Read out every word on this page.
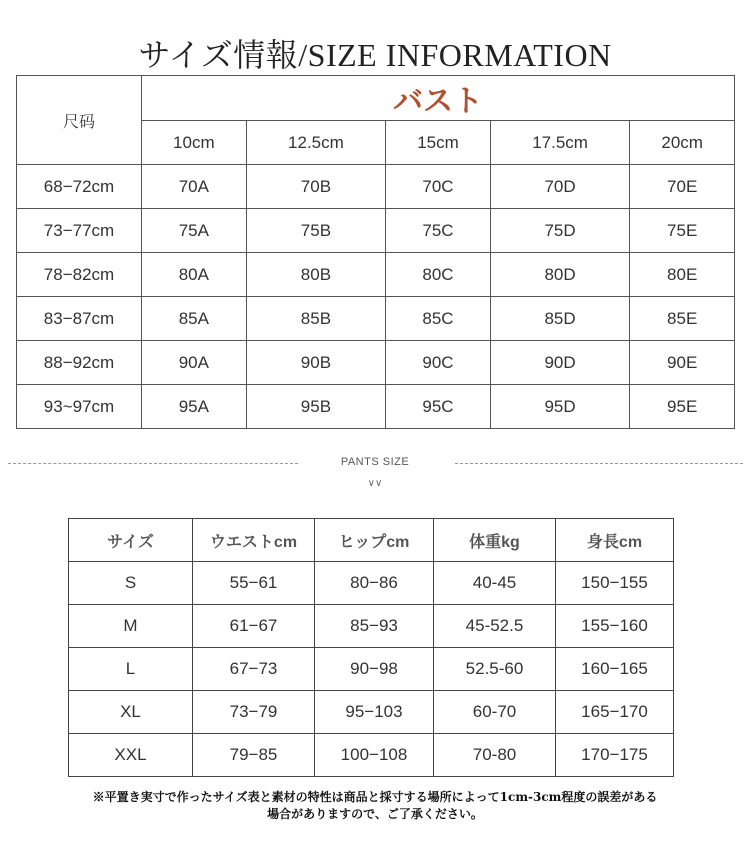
サイズ情報/SIZE INFORMATION
尺码	バスト				
	10cm	12.5cm	15cm	17.5cm	20cm
68−72cm	70A	70B	70C	70D	70E
73−77cm	75A	75B	75C	75D	75E
78−82cm	80A	80B	80C	80D	80E
83−87cm	85A	85B	85C	85D	85E
88−92cm	90A	90B	90C	90D	90E
93~97cm	95A	95B	95C	95D	95E
PANTS SIZE
∨∨
サイズ	ウエストcm	ヒップcm	体重kg	身長cm
S	55−61	80−86	40-45	150−155
M	61−67	85−93	45-52.5	155−160
L	67−73	90−98	52.5-60	160−165
XL	73−79	95−103	60-70	165−170
XXL	79−85	100−108	70-80	170−175
※平置き実寸で作ったサイズ表と素材の特性は商品と採寸する場所によって1cm-3cm程度の誤差がある
場合がありますので、ご了承ください。
